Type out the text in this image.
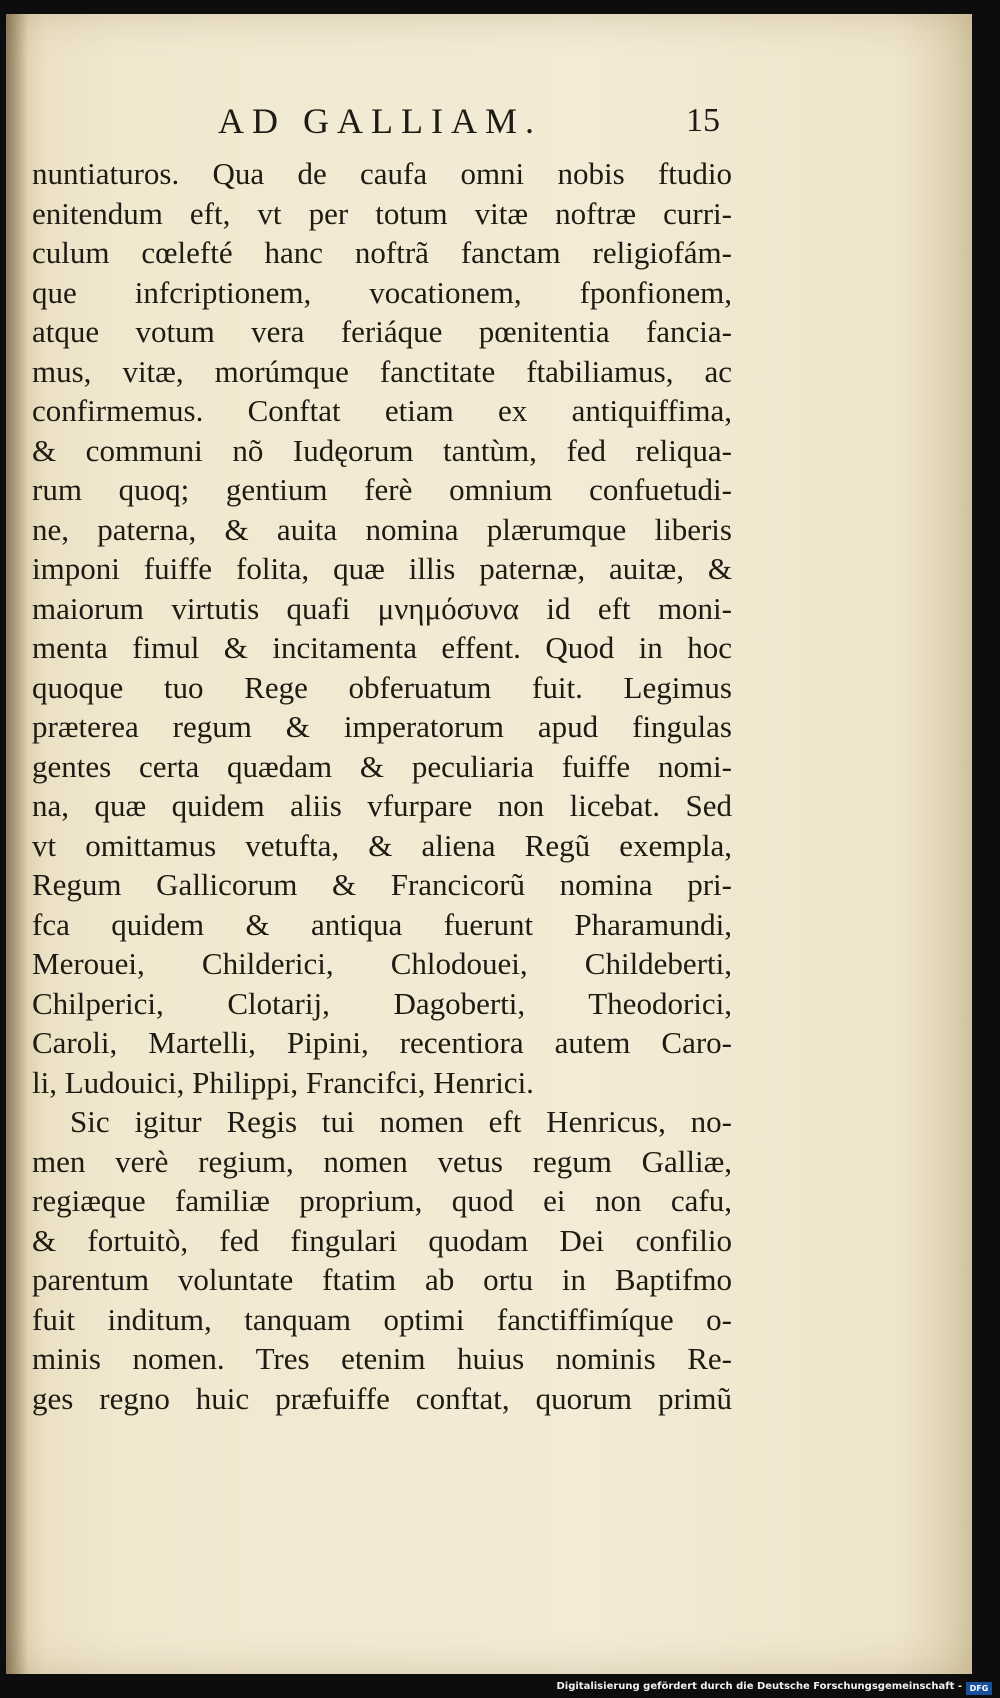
AD GALLIAM.	15
nuntiaturos. Qua de caufa omni nobis ftudio
enitendum eft, vt per totum vitæ noftræ curri-
culum cœlefté hanc noftrã fanctam religiofám-
que infcriptionem, vocationem, fponfionem,
atque votum vera feriáque pœnitentia fancia-
mus, vitæ, morúmque fanctitate ftabiliamus, ac
confirmemus. Conftat etiam ex antiquiffima,
& communi nõ Iudęorum tantùm, fed reliqua-
rum quoq; gentium ferè omnium confuetudi-
ne, paterna, & auita nomina plærumque liberis
imponi fuiffe folita, quæ illis paternæ, auitæ, &
maiorum virtutis quafi μνημόσυνα id eft moni-
menta fimul & incitamenta effent. Quod in hoc
quoque tuo Rege obferuatum fuit. Legimus
præterea regum & imperatorum apud fingulas
gentes certa quædam & peculiaria fuiffe nomi-
na, quæ quidem aliis vfurpare non licebat. Sed
vt omittamus vetufta, & aliena Regũ exempla,
Regum Gallicorum & Francicorũ nomina pri-
fca quidem & antiqua fuerunt Pharamundi,
Merouei, Childerici, Chlodouei, Childeberti,
Chilperici, Clotarij, Dagoberti, Theodorici,
Caroli, Martelli, Pipini, recentiora autem Caro-
li, Ludouici, Philippi, Francifci, Henrici.
Sic igitur Regis tui nomen eft Henricus, no-
men verè regium, nomen vetus regum Galliæ,
regiæque familiæ proprium, quod ei non cafu,
& fortuitò, fed fingulari quodam Dei confilio
parentum voluntate ftatim ab ortu in Baptifmo
fuit inditum, tanquam optimi fanctiffimíque o-
minis nomen. Tres etenim huius nominis Re-
ges regno huic præfuiffe conftat, quorum primũ
Digitalisierung gefördert durch die Deutsche Forschungsgemeinschaft - DFG
